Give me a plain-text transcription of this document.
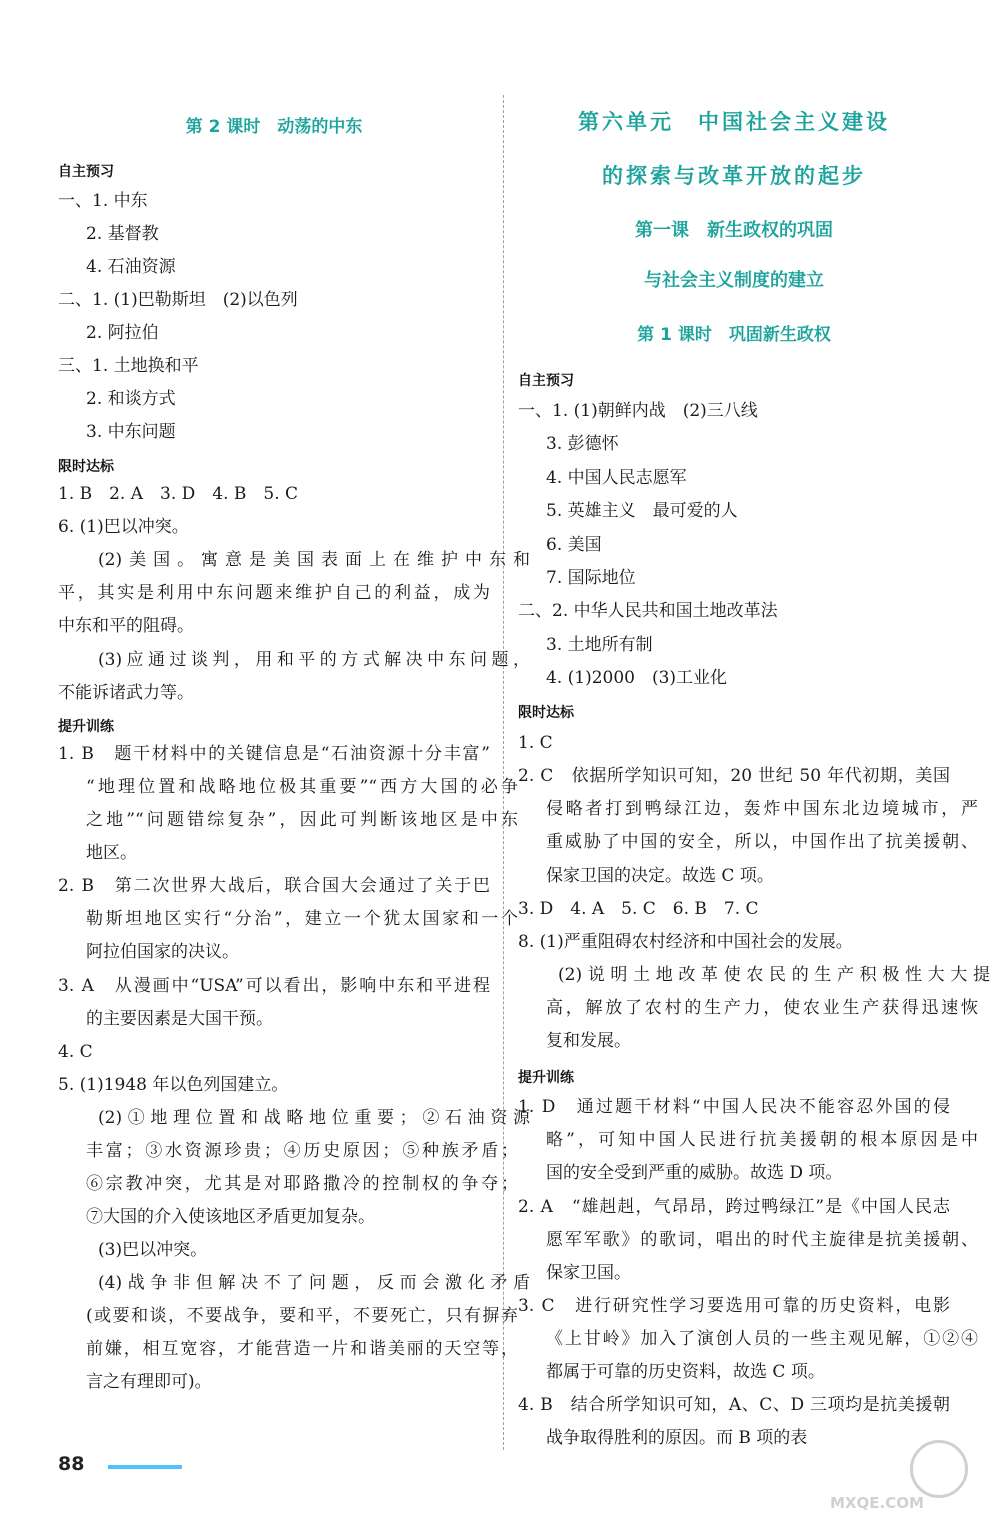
第 2 课时　动荡的中东
自主预习
一、1. 中东
2. 基督教
4. 石油资源
二、1. (1)巴勒斯坦　(2)以色列
2. 阿拉伯
三、1. 土地换和平
2. 和谈方式
3. 中东问题
限时达标
1. B　2. A　3. D　4. B　5. C
6. (1)巴以冲突。
(2)美国。寓意是美国表面上在维护中东和
平，其实是利用中东问题来维护自己的利益，成为
中东和平的阻碍。
(3)应通过谈判，用和平的方式解决中东问题，
不能诉诸武力等。
提升训练
1. B　题干材料中的关键信息是“石油资源十分丰富”
“地理位置和战略地位极其重要”“西方大国的必争
之地”“问题错综复杂”，因此可判断该地区是中东
地区。
2. B　第二次世界大战后，联合国大会通过了关于巴
勒斯坦地区实行“分治”，建立一个犹太国家和一个
阿拉伯国家的决议。
3. A　从漫画中“USA”可以看出，影响中东和平进程
的主要因素是大国干预。
4. C
5. (1)1948 年以色列国建立。
(2)①地理位置和战略地位重要；②石油资源
丰富；③水资源珍贵；④历史原因；⑤种族矛盾；
⑥宗教冲突，尤其是对耶路撒冷的控制权的争夺；
⑦大国的介入使该地区矛盾更加复杂。
(3)巴以冲突。
(4)战争非但解决不了问题，反而会激化矛盾
(或要和谈，不要战争，要和平，不要死亡，只有摒弃
前嫌，相互宽容，才能营造一片和谐美丽的天空等，
言之有理即可)。
第六单元　中国社会主义建设
的探索与改革开放的起步
第一课　新生政权的巩固
与社会主义制度的建立
第 1 课时　巩固新生政权
自主预习
一、1. (1)朝鲜内战　(2)三八线
3. 彭德怀
4. 中国人民志愿军
5. 英雄主义　最可爱的人
6. 美国
7. 国际地位
二、2. 中华人民共和国土地改革法
3. 土地所有制
4. (1)2000　(3)工业化
限时达标
1. C
2. C　依据所学知识可知，20 世纪 50 年代初期，美国
侵略者打到鸭绿江边，轰炸中国东北边境城市，严
重威胁了中国的安全，所以，中国作出了抗美援朝、
保家卫国的决定。故选 C 项。
3. D　4. A　5. C　6. B　7. C
8. (1)严重阻碍农村经济和中国社会的发展。
(2)说明土地改革使农民的生产积极性大大提
高，解放了农村的生产力，使农业生产获得迅速恢
复和发展。
提升训练
1. D　通过题干材料“中国人民决不能容忍外国的侵
略”，可知中国人民进行抗美援朝的根本原因是中
国的安全受到严重的威胁。故选 D 项。
2. A　“雄赳赳，气昂昂，跨过鸭绿江”是《中国人民志
愿军军歌》的歌词，唱出的时代主旋律是抗美援朝、
保家卫国。
3. C　进行研究性学习要选用可靠的历史资料，电影
《上甘岭》加入了演创人员的一些主观见解，①②④
都属于可靠的历史资料，故选 C 项。
4. B　结合所学知识可知，A、C、D 三项均是抗美援朝
战争取得胜利的原因。而 B 项的表
88
MXQE.COM
